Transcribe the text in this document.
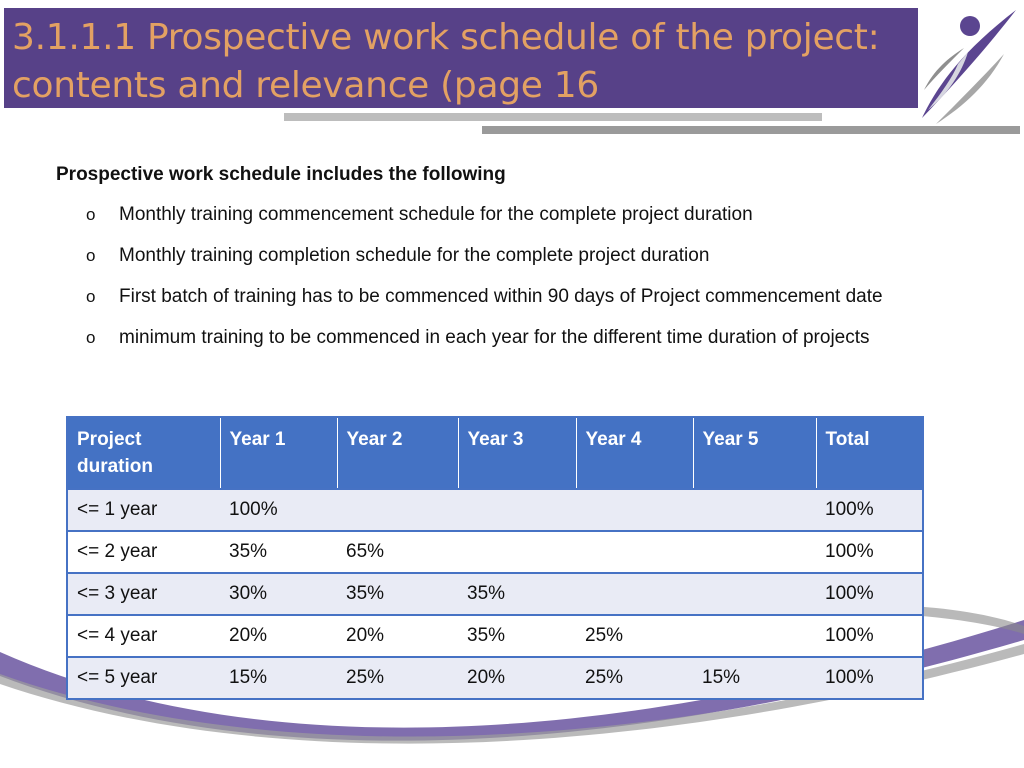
3.1.1.1 Prospective work schedule of the project:
contents and relevance (page 16

Prospective work schedule includes the following

o	Monthly training commencement schedule for the complete project duration
o	Monthly training completion schedule for the complete project duration
o	First batch of training has to be commenced within 90 days of Project commencement date
o	minimum training to be commenced in each year for the different time duration of projects
Project duration	Year 1	Year 2	Year 3	Year 4	Year 5	Total
<= 1 year	100%					100%
<= 2 year	35%	65%				100%
<= 3 year	30%	35%	35%			100%
<= 4 year	20%	20%	35%	25%		100%
<= 5 year	15%	25%	20%	25%	15%	100%
